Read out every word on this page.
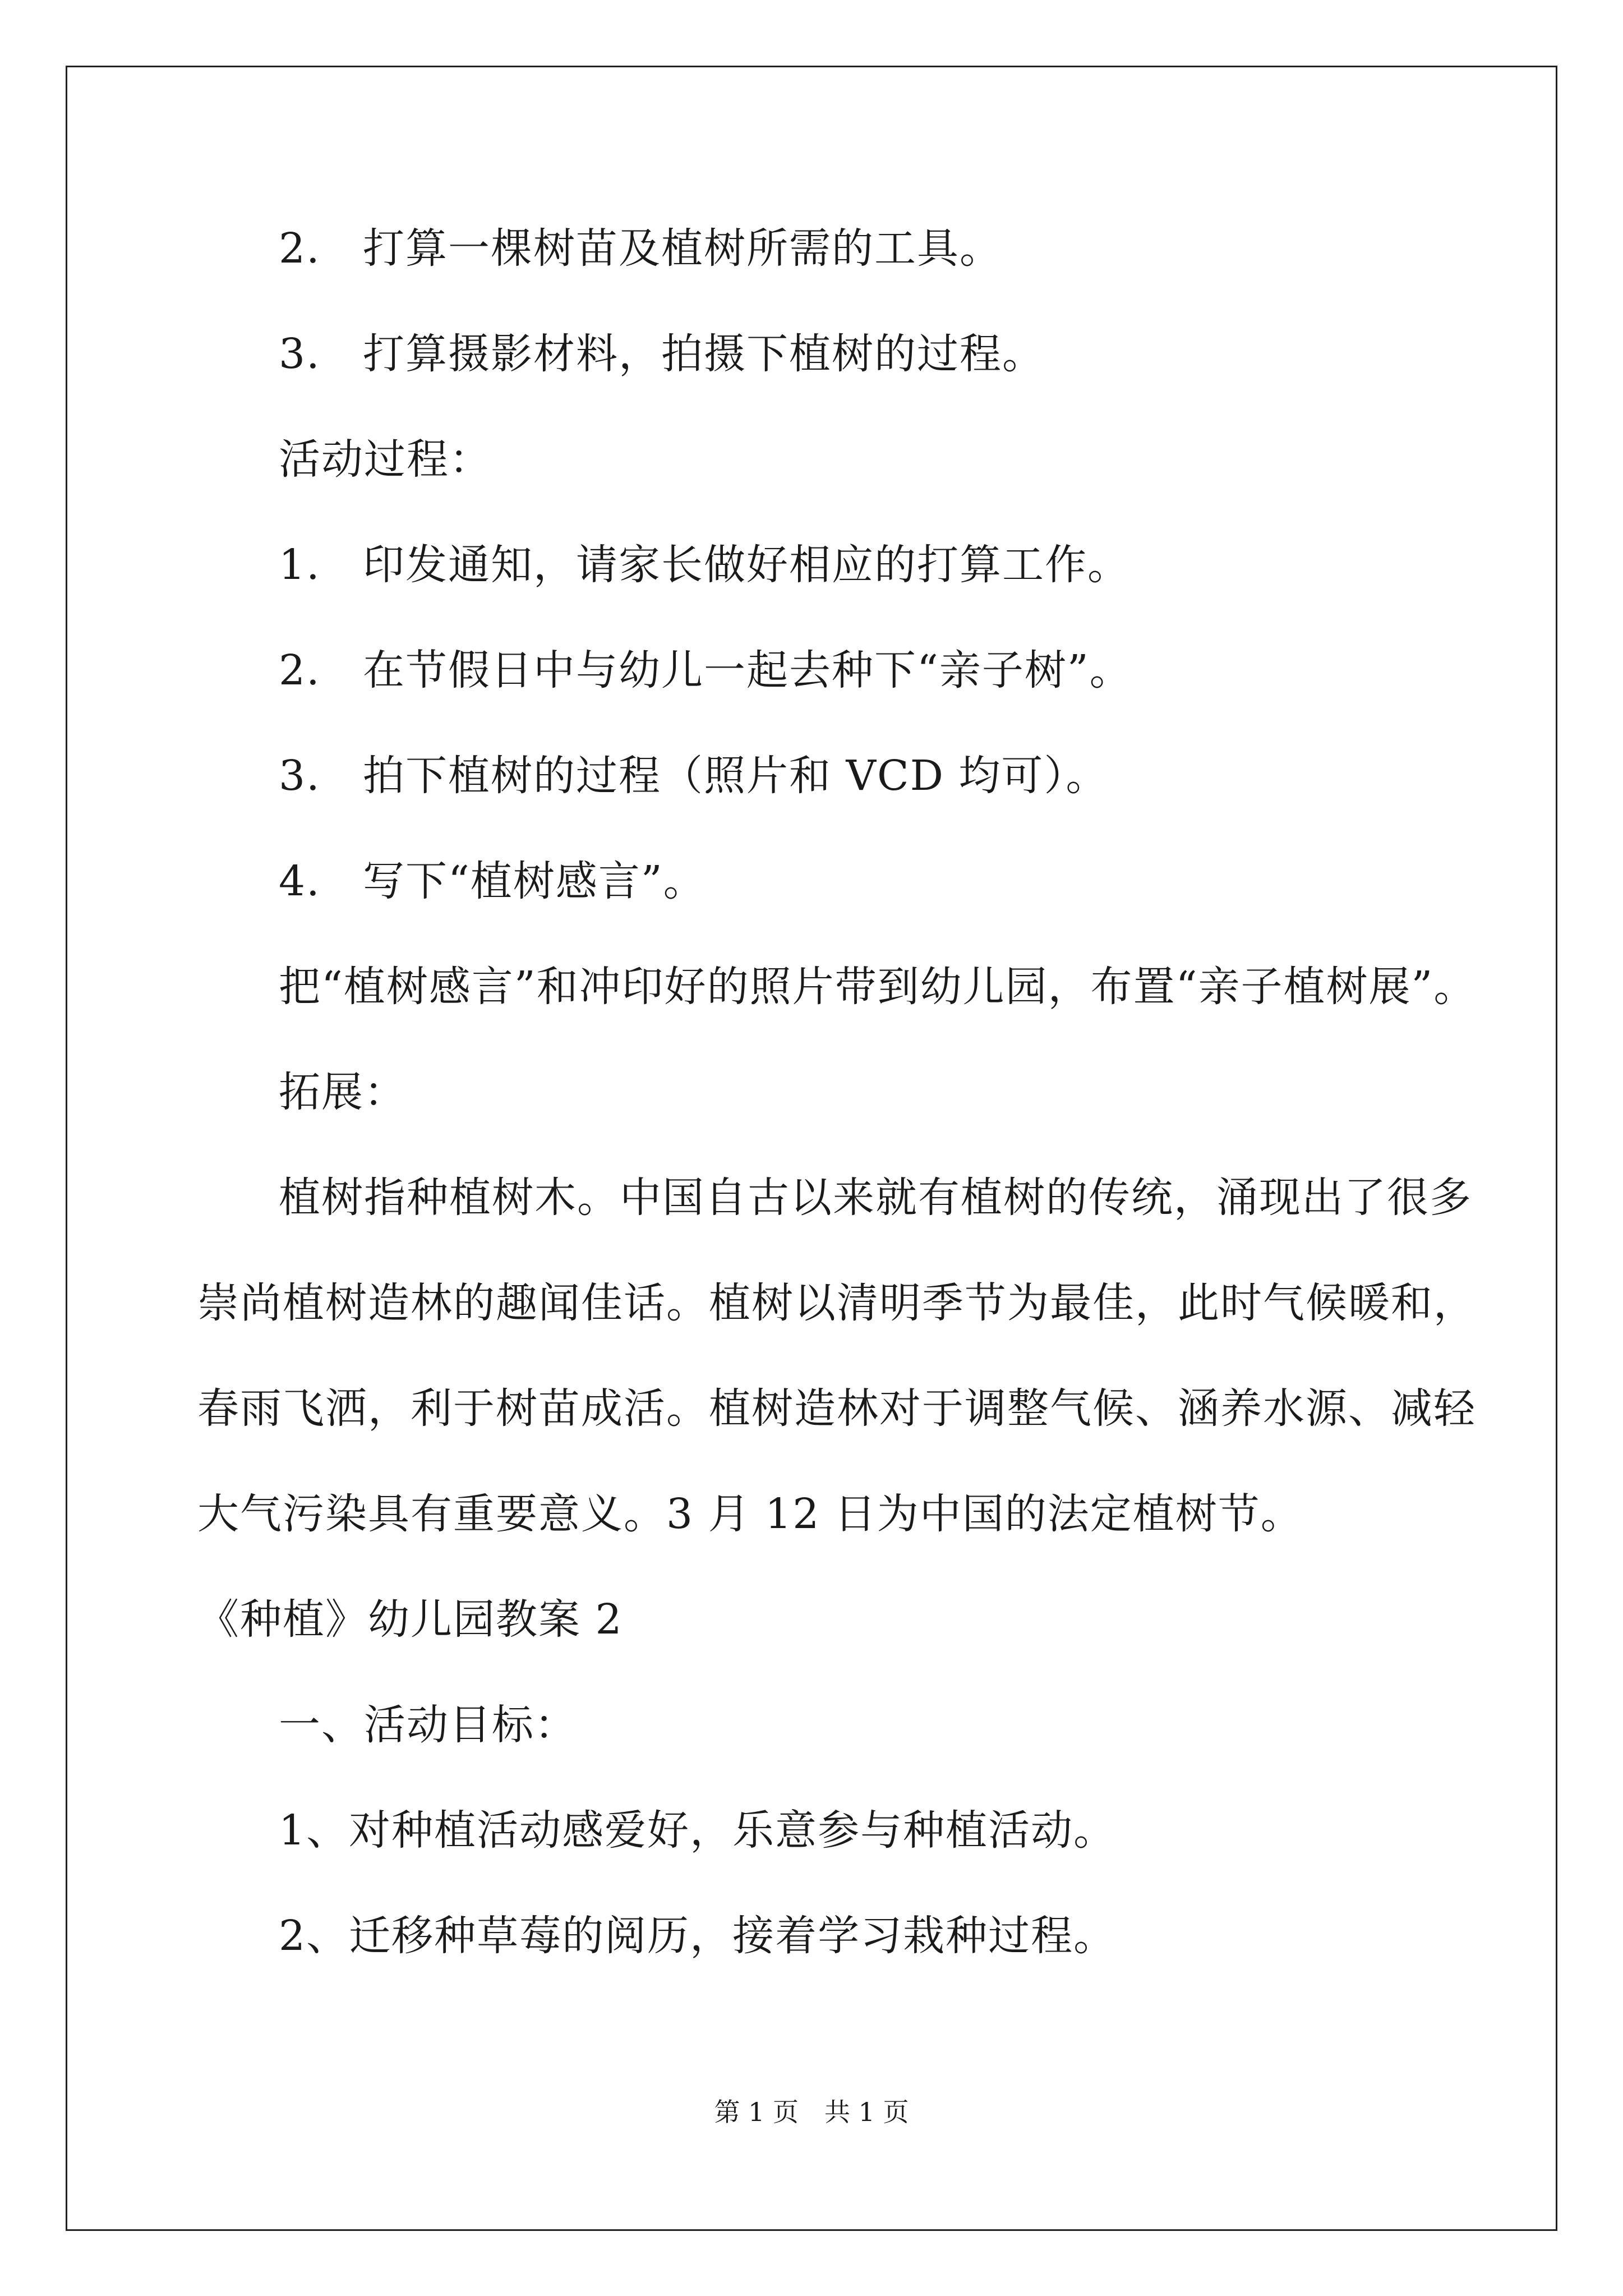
2. 打算一棵树苗及植树所需的工具。
3. 打算摄影材料，拍摄下植树的过程。
活动过程：
1. 印发通知，请家长做好相应的打算工作。
2. 在节假日中与幼儿一起去种下“亲子树”。
3. 拍下植树的过程（照片和 VCD 均可）。
4. 写下“植树感言”。
把“植树感言”和冲印好的照片带到幼儿园，布置“亲子植树展”。
拓展：
植树指种植树木。中国自古以来就有植树的传统，涌现出了很多
崇尚植树造林的趣闻佳话。植树以清明季节为最佳，此时气候暖和，
春雨飞洒，利于树苗成活。植树造林对于调整气候、涵养水源、减轻
大气污染具有重要意义。3 月 12 日为中国的法定植树节。
《种植》幼儿园教案 2
一、活动目标：
1、对种植活动感爱好，乐意参与种植活动。
2、迁移种草莓的阅历，接着学习栽种过程。
第 1 页 共 1 页
